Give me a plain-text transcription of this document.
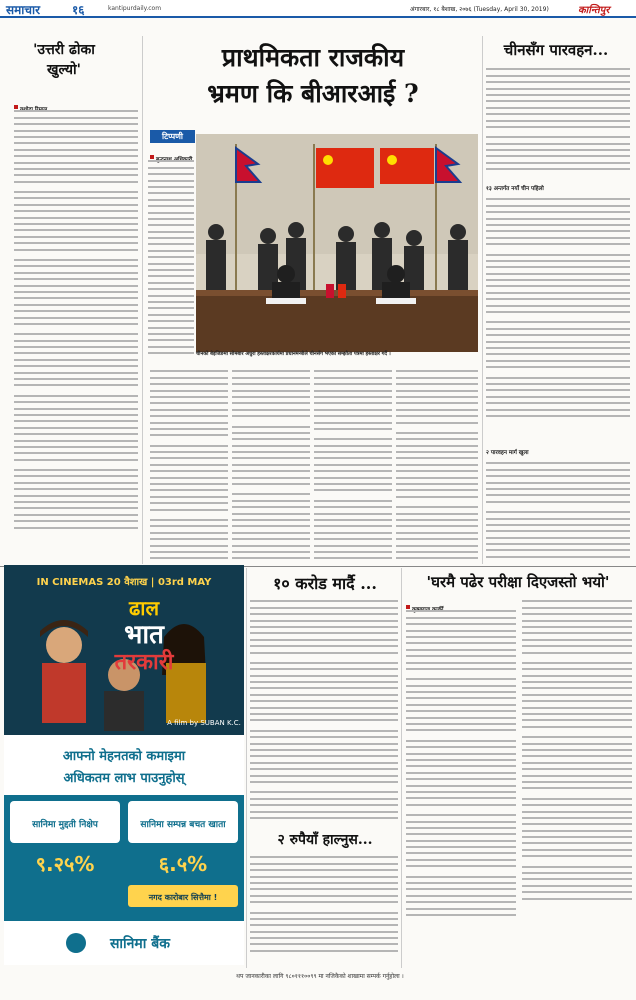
समाचार	१६	kantipurdaily.com	अंगारबार, १८ बैशाख, २०७६ (Tuesday, April 30, 2019)	कान्तिपुर
'उत्तरी ढोका खुल्यो'
यशोदा रिमाल
प्राथमिकता राजकीय
भ्रमण कि बीआरआई ?
टिप्पणी
बुद्धनाथ अधिकारी
चीनको बेइजिङमा सोमबार अधुरा हस्ताक्षरकार्यमा प्रधानमन्त्रीले चीनसँग भएका सम्झौता पत्रमा हस्ताक्षर गर्दै ।
चीनसँग पारवहन...
१३ अन्तर्गत नयाँ चीन पहिलो
२ पारवहन मार्ग खुला
IN CINEMAS 20 वैशाख | 03rd MAY
ढाल
भात
तरकारी
A film by SUBAN K.C.
आफ्नो मेहनतको कमाइमा
अधिकतम लाभ पाउनुहोस्
सानिमा मुद्दती निक्षेप	सानिमा सम्पन्न बचत खाता
९.२५%	६.५%
नगद कारोबार सित्तैमा !
सानिमा बैंक
थप जानकारीका लागि ९८०१११००९९ मा नजिकैको शाखामा सम्पर्क गर्नुहोला ।
१० करोड मार्दै ...
२ रुपैयाँ हाल्नुस...
'घरमै पढेर परीक्षा दिएजस्तो भयो'
कृष्णराज कार्की
